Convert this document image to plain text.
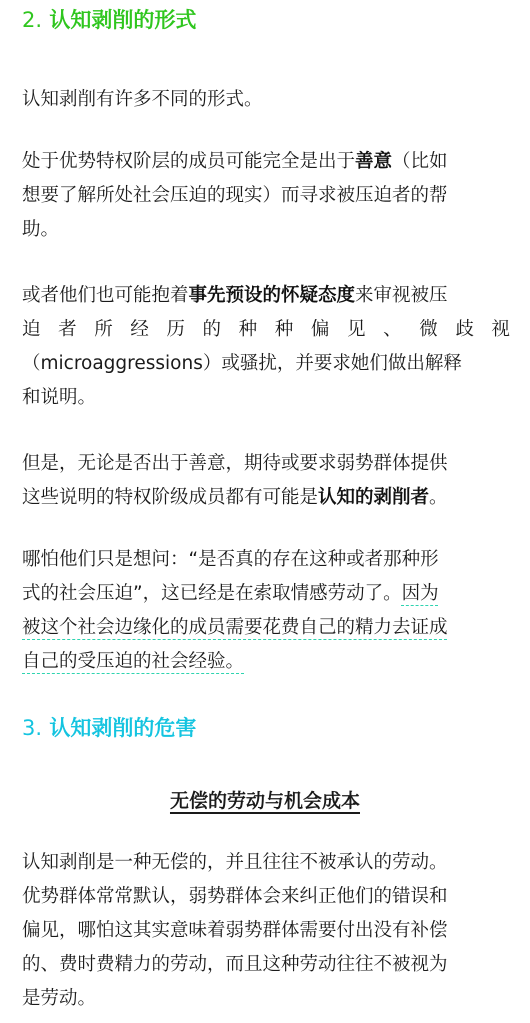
2. 认知剥削的形式
认知剥削有许多不同的形式。
处于优势特权阶层的成员可能完全是出于善意（比如
想要了解所处社会压迫的现实）而寻求被压迫者的帮
助。
或者他们也可能抱着事先预设的怀疑态度来审视被压
迫 者 所 经 历 的 种 种 偏 见 、 微 歧 视
（microaggressions）或骚扰，并要求她们做出解释
和说明。
但是，无论是否出于善意，期待或要求弱势群体提供
这些说明的特权阶级成员都有可能是认知的剥削者。
哪怕他们只是想问：“是否真的存在这种或者那种形
式的社会压迫”，这已经是在索取情感劳动了。因为
被这个社会边缘化的成员需要花费自己的精力去证成
自己的受压迫的社会经验。
3. 认知剥削的危害
无偿的劳动与机会成本
认知剥削是一种无偿的，并且往往不被承认的劳动。
优势群体常常默认，弱势群体会来纠正他们的错误和
偏见，哪怕这其实意味着弱势群体需要付出没有补偿
的、费时费精力的劳动，而且这种劳动往往不被视为
是劳动。
